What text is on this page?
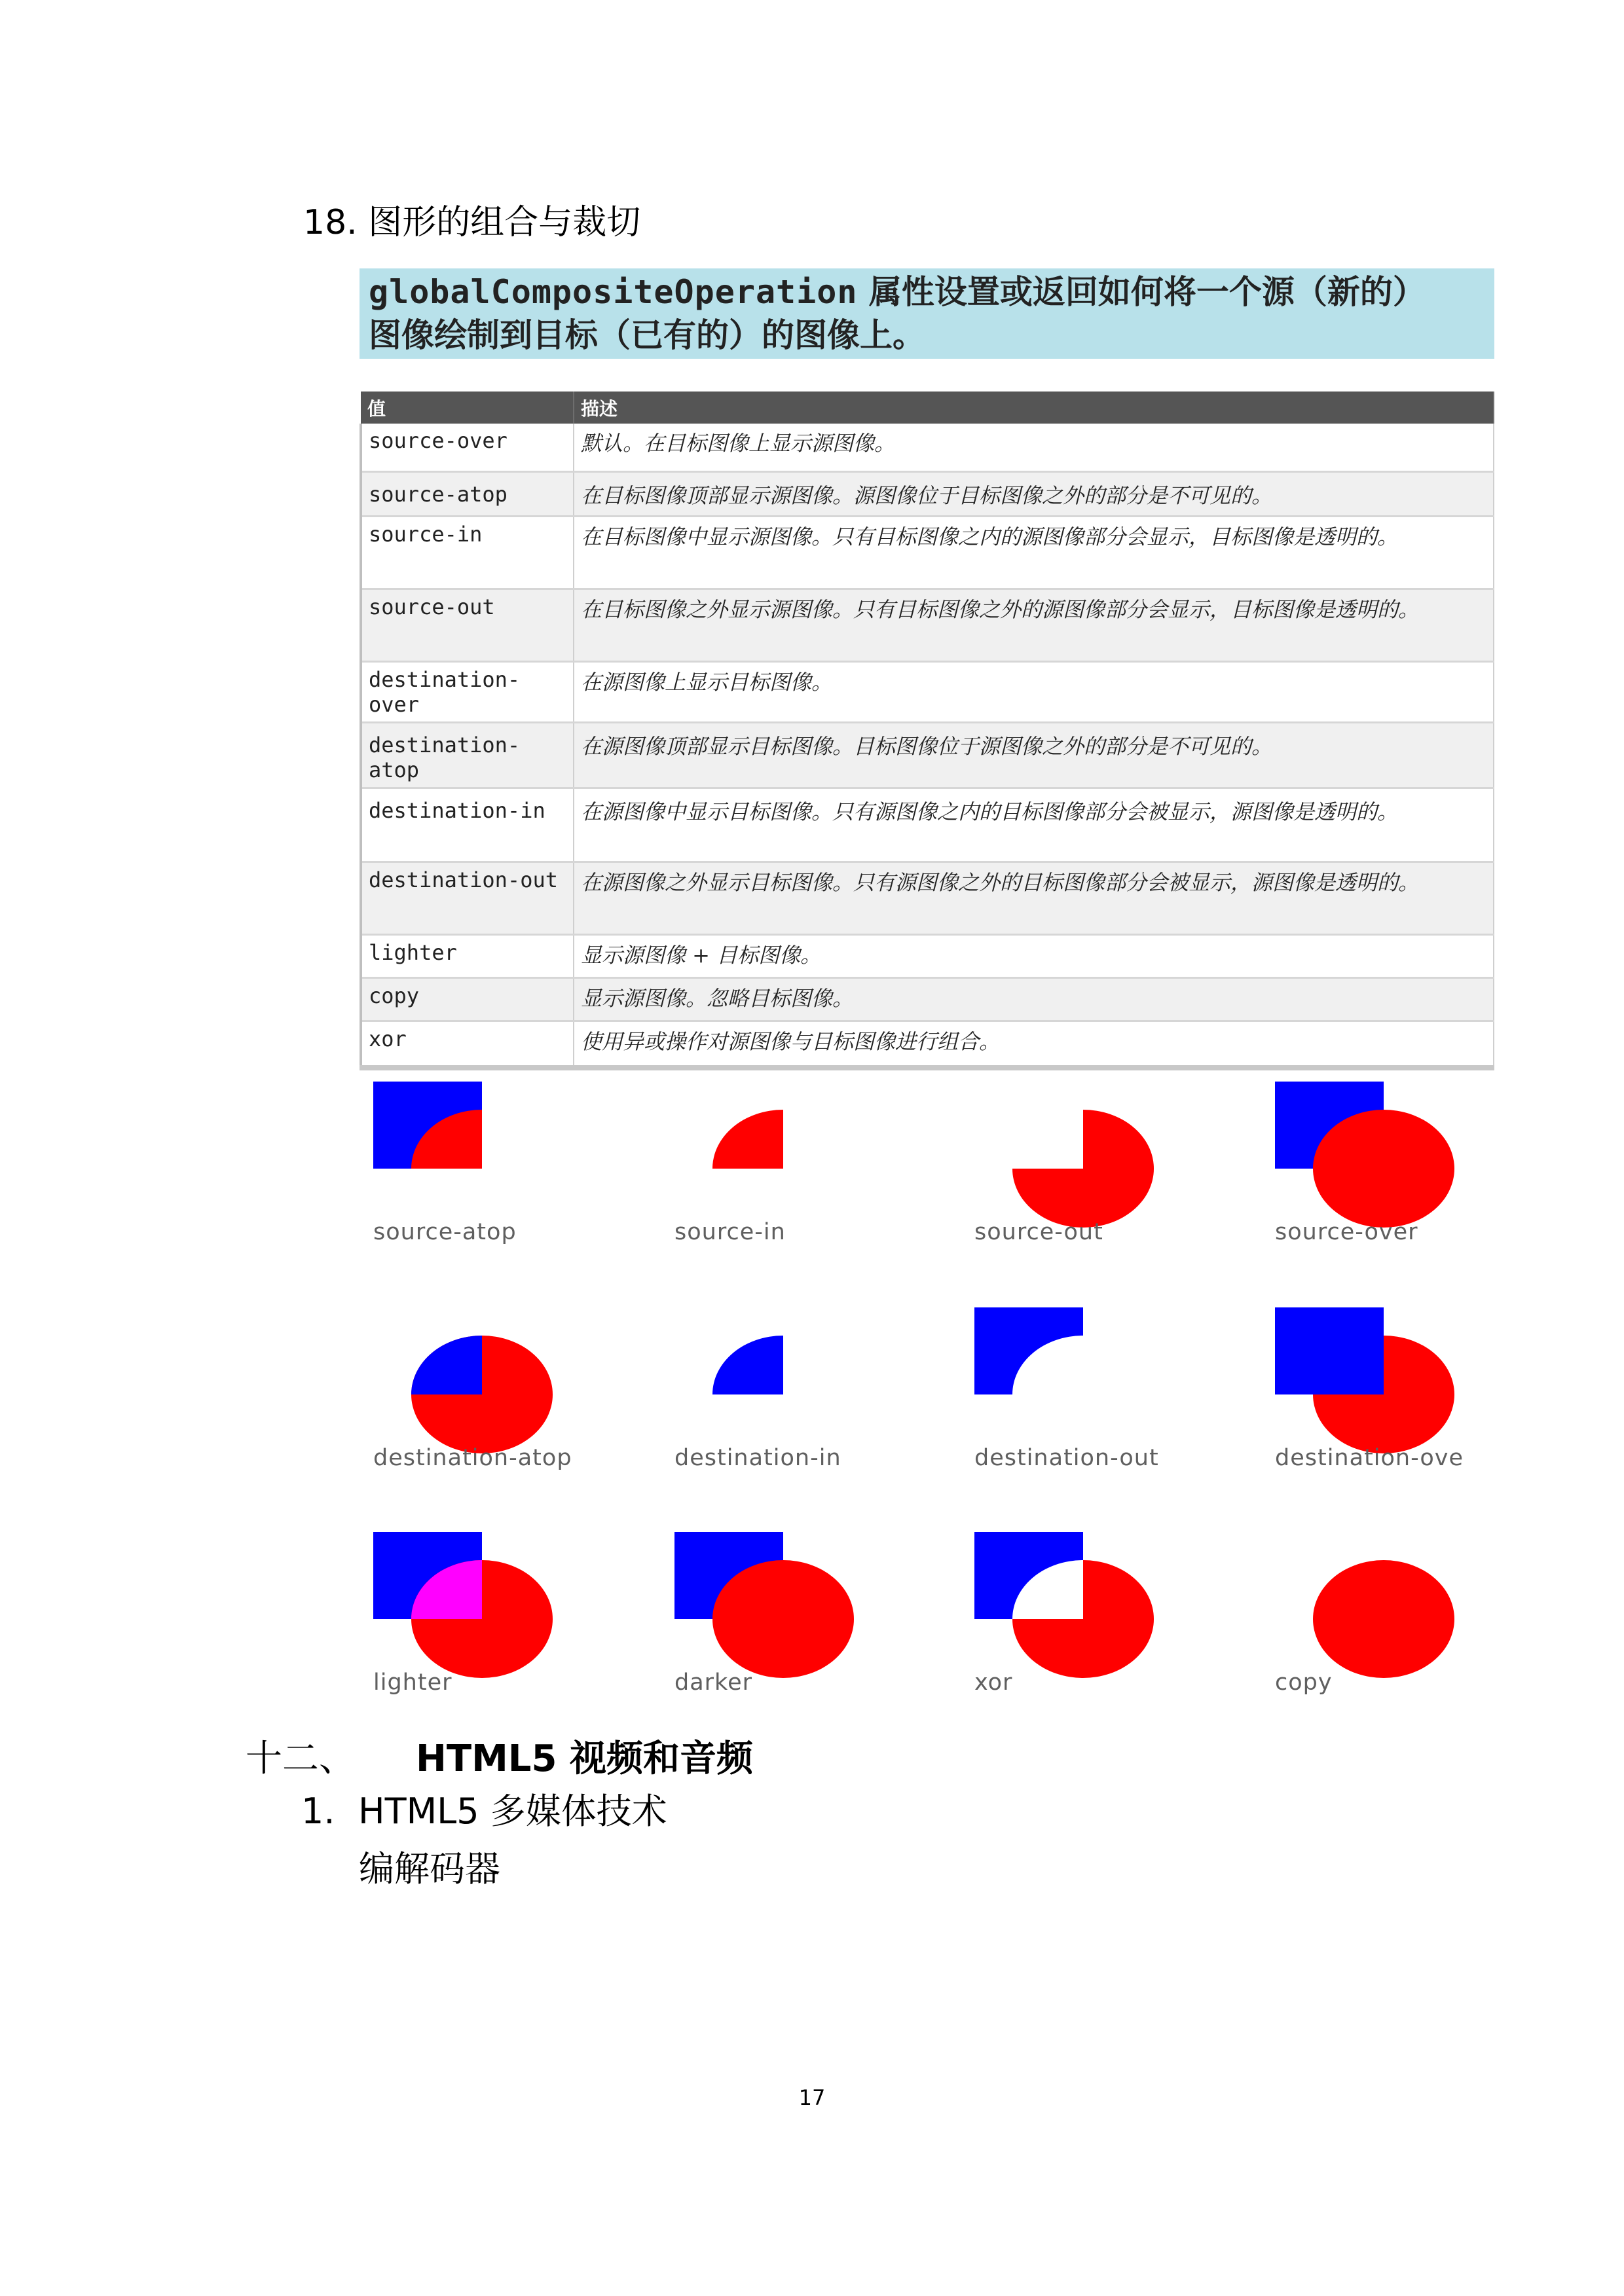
18. 图形的组合与裁切
globalCompositeOperation 属性设置或返回如何将一个源（新的）
图像绘制到目标（已有的）的图像上。
值	描述
source-over	默认。在目标图像上显示源图像。
source-atop	在目标图像顶部显示源图像。源图像位于目标图像之外的部分是不可见的。
source-in	在目标图像中显示源图像。只有目标图像之内的源图像部分会显示，目标图像是透明的。
source-out	在目标图像之外显示源图像。只有目标图像之外的源图像部分会显示，目标图像是透明的。
destination-over	在源图像上显示目标图像。
destination-atop	在源图像顶部显示目标图像。目标图像位于源图像之外的部分是不可见的。
destination-in	在源图像中显示目标图像。只有源图像之内的目标图像部分会被显示，源图像是透明的。
destination-out	在源图像之外显示目标图像。只有源图像之外的目标图像部分会被显示，源图像是透明的。
lighter	显示源图像 + 目标图像。
copy	显示源图像。忽略目标图像。
xor	使用异或操作对源图像与目标图像进行组合。
source-atop	source-in	source-out	source-over
destination-atop	destination-in	destination-out	destination-ove
lighter	darker	xor	copy
十二、 HTML5 视频和音频
1. HTML5 多媒体技术
编解码器
17
